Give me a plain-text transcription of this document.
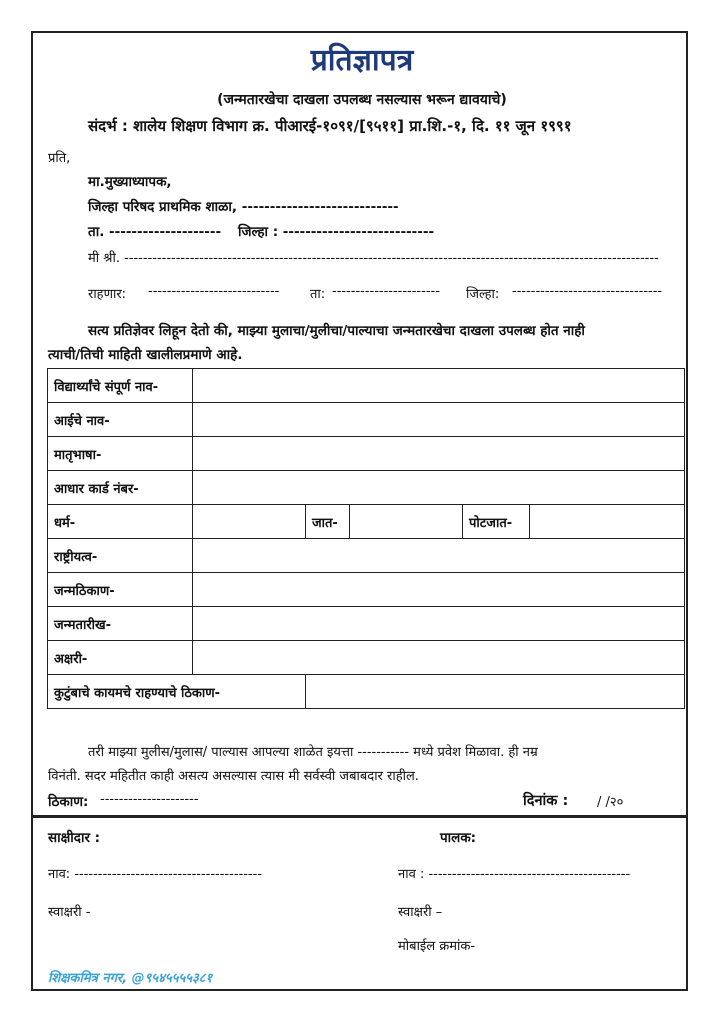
प्रतिज्ञापत्र
(जन्मतारखेचा दाखला उपलब्ध नसल्यास भरून द्यावयाचे)
संदर्भ : शालेय शिक्षण विभाग क्र. पीआरई-१०९१/[९५११] प्रा.शि.-१, दि. ११ जून १९९१
प्रति,
मा.मुख्याध्यापक,
जिल्हा परिषद प्राथमिक शाळा, ----------------------------
ता. -------------------- जिल्हा : ---------------------------
मी श्री. ------------------------------------------------------------------------------------------------------------------
राहणार: ---------------------------- ता: ----------------------- जिल्हा: --------------------------------
सत्य प्रतिज्ञेवर लिहून देतो की, माझ्या मुलाचा/मुलीचा/पाल्याचा जन्मतारखेचा दाखला उपलब्ध होत नाही
त्याची/तिची माहिती खालीलप्रमाणे आहे.
विद्यार्थ्यांचे संपूर्ण नाव-					
आईचे नाव-					
मातृभाषा-					
आधार कार्ड नंबर-					
धर्म-		जात-		पोटजात-	
राष्ट्रीयत्व-					
जन्मठिकाण-					
जन्मतारीख-					
अक्षरी-					
कुटुंबाचे कायमचे राहण्याचे ठिकाण-					
तरी माझ्या मुलीस/मुलास/ पाल्यास आपल्या शाळेत इयत्ता ----------- मध्ये प्रवेश मिळावा. ही नम्र
विनंती. सदर महितीत काही असत्य असल्यास त्यास मी सर्वस्वी जबाबदार राहील.
ठिकाण: ---------------------	दिनांक : / /२०
साक्षीदार :	पालक:
नाव: ----------------------------------------	नाव : -------------------------------------------
स्वाक्षरी -	स्वाक्षरी –
मोबाईल क्रमांक-
शिक्षकमित्र नगर, @९५४५५५५३८१
